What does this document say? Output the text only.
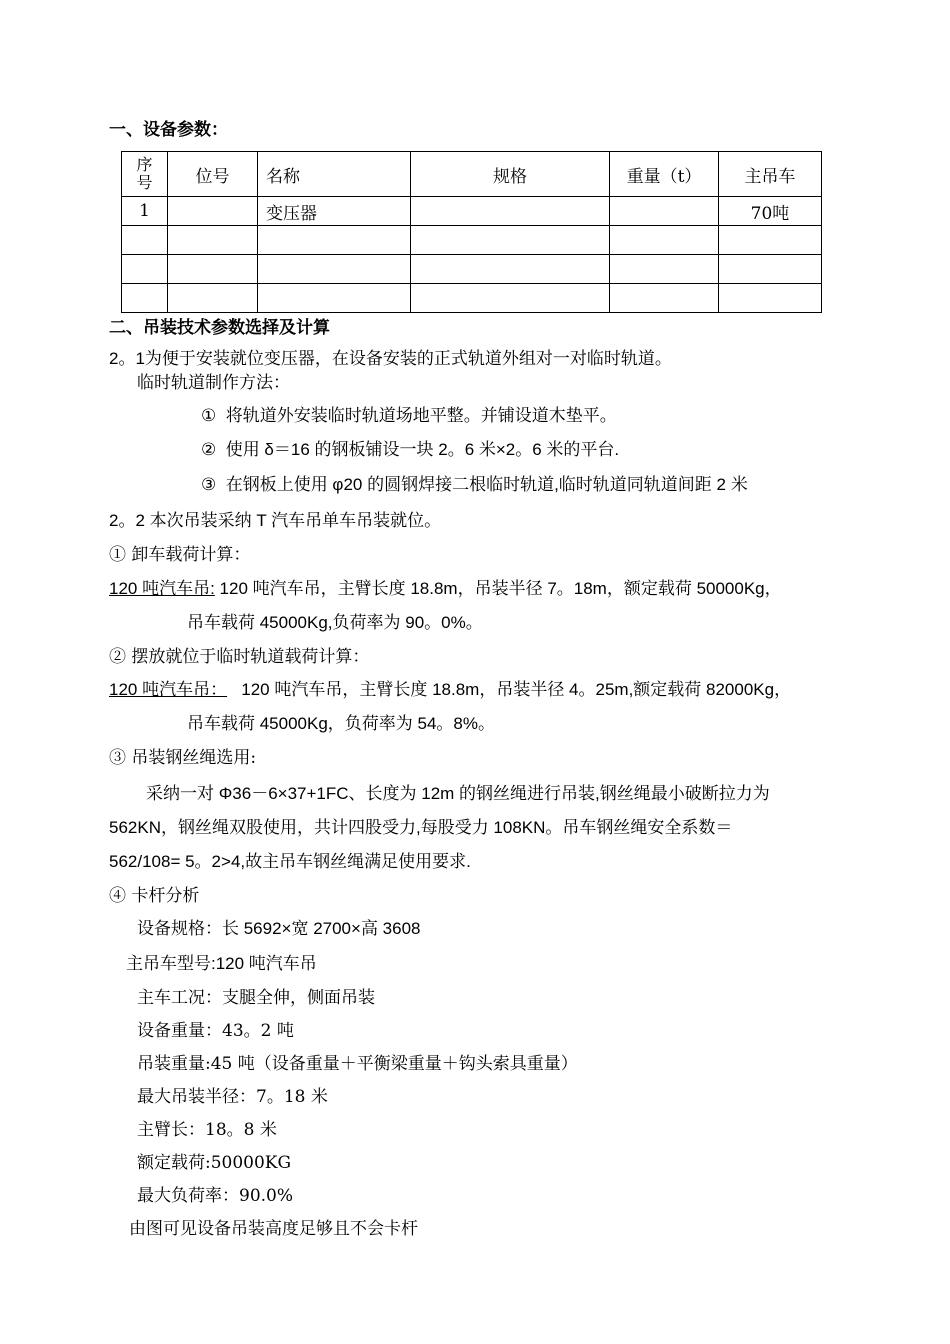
一、设备参数：
序号	位号	名称	规格	重量（t）	主吊车
1		变压器			70吨

二、吊装技术参数选择及计算
2。1为便于安装就位变压器，在设备安装的正式轨道外组对一对临时轨道。
临时轨道制作方法：
① 将轨道外安装临时轨道场地平整。并铺设道木垫平。
② 使用 δ＝16 的钢板铺设一块 2。6 米×2。6 米的平台.
③ 在钢板上使用 φ20 的圆钢焊接二根临时轨道,临时轨道同轨道间距 2 米
2。2 本次吊装采纳 T 汽车吊单车吊装就位。
① 卸车载荷计算：
120 吨汽车吊: 120 吨汽车吊，主臂长度 18.8m，吊装半径 7。18m，额定载荷 50000Kg，
吊车载荷 45000Kg,负荷率为 90。0%。
② 摆放就位于临时轨道载荷计算：
120 吨汽车吊： 120 吨汽车吊，主臂长度 18.8m，吊装半径 4。25m,额定载荷 82000Kg，
吊车载荷 45000Kg，负荷率为 54。8%。
③ 吊装钢丝绳选用:
采纳一对 Φ36－6×37+1FC、长度为 12m 的钢丝绳进行吊装,钢丝绳最小破断拉力为
562KN，钢丝绳双股使用，共计四股受力,每股受力 108KN。吊车钢丝绳安全系数＝
562/108= 5。2>4,故主吊车钢丝绳满足使用要求.
④ 卡杆分析
设备规格：长 5692×宽 2700×高 3608
主吊车型号:120 吨汽车吊
主车工况：支腿全伸，侧面吊装
设备重量：43。2 吨
吊装重量:45 吨（设备重量＋平衡梁重量＋钩头索具重量）
最大吊装半径：7。18 米
主臂长：18。8 米
额定载荷:50000KG
最大负荷率：90.0%
由图可见设备吊装高度足够且不会卡杆
